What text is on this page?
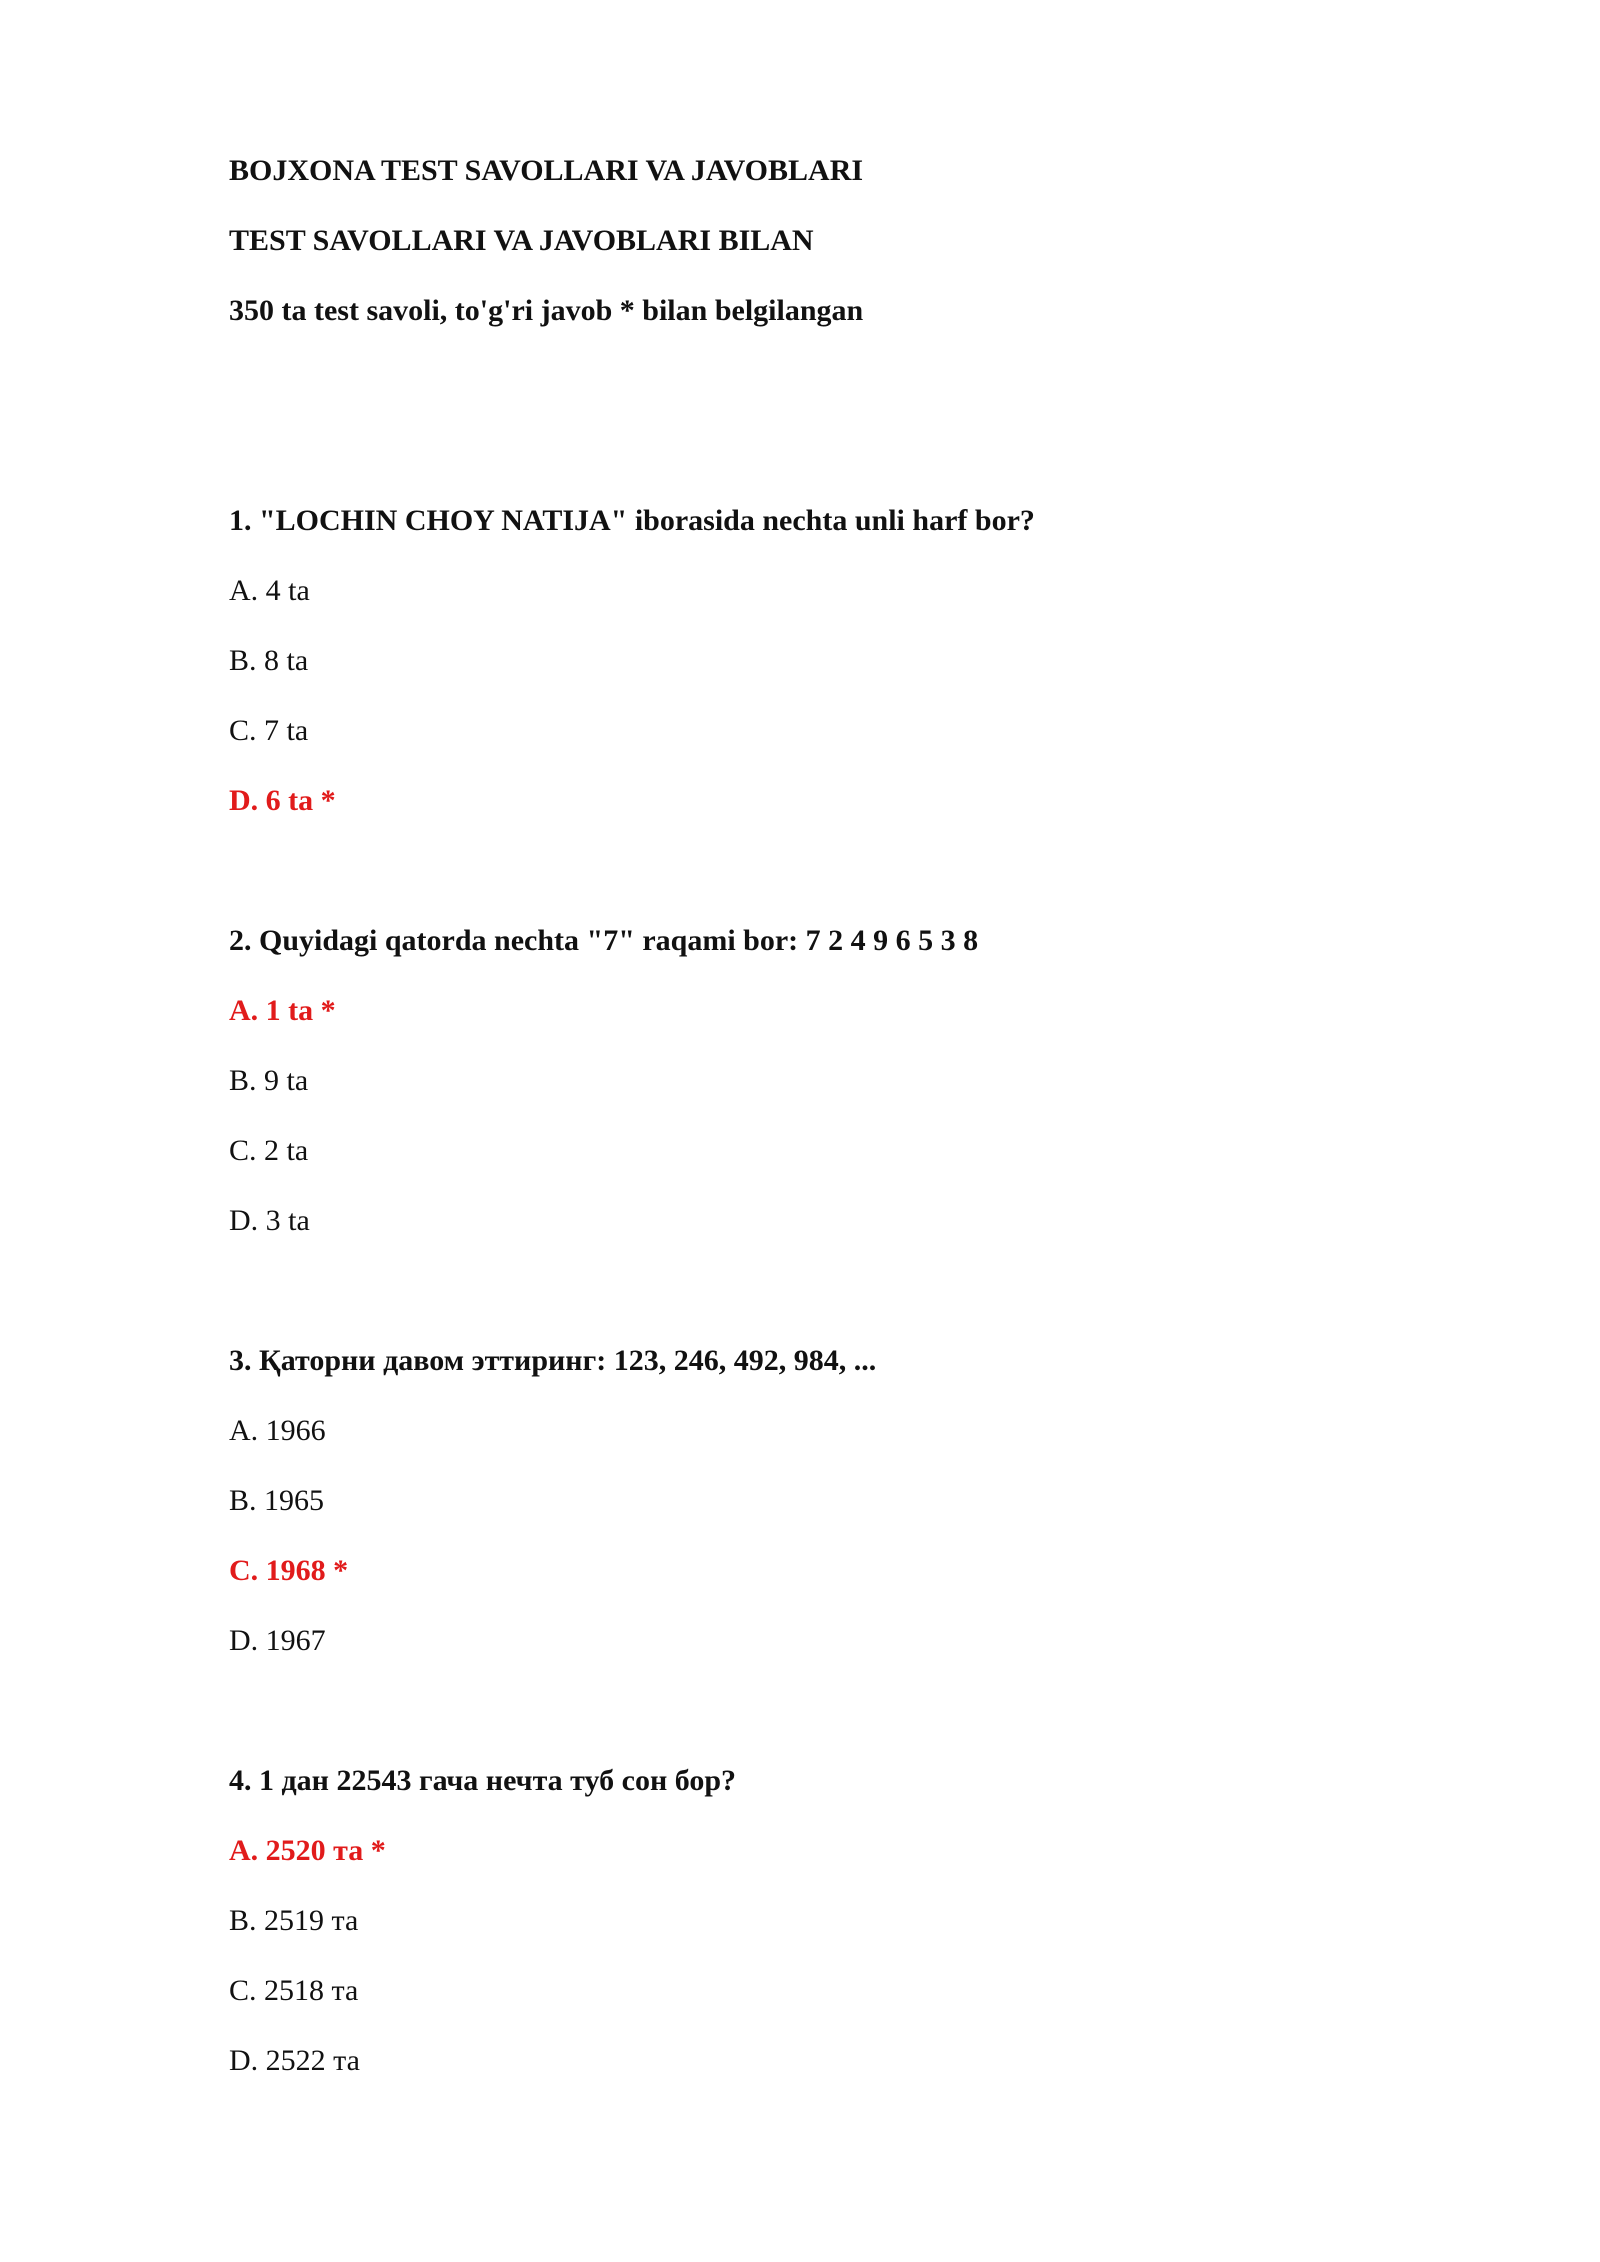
BOJXONA TEST SAVOLLARI VA JAVOBLARI
TEST SAVOLLARI VA JAVOBLARI BILAN
350 ta test savoli, to'g'ri javob * bilan belgilangan
1. "LOCHIN CHOY NATIJA" iborasida nechta unli harf bor?
A. 4 ta
B. 8 ta
C. 7 ta
D. 6 ta *
2. Quyidagi qatorda nechta "7" raqami bor: 7 2 4 9 6 5 3 8
A. 1 ta *
B. 9 ta
C. 2 ta
D. 3 ta
3. Қаторни давом эттиринг: 123, 246, 492, 984, ...
A. 1966
B. 1965
C. 1968 *
D. 1967
4. 1 дан 22543 гача нечта туб сон бор?
A. 2520 та *
B. 2519 та
C. 2518 та
D. 2522 та
